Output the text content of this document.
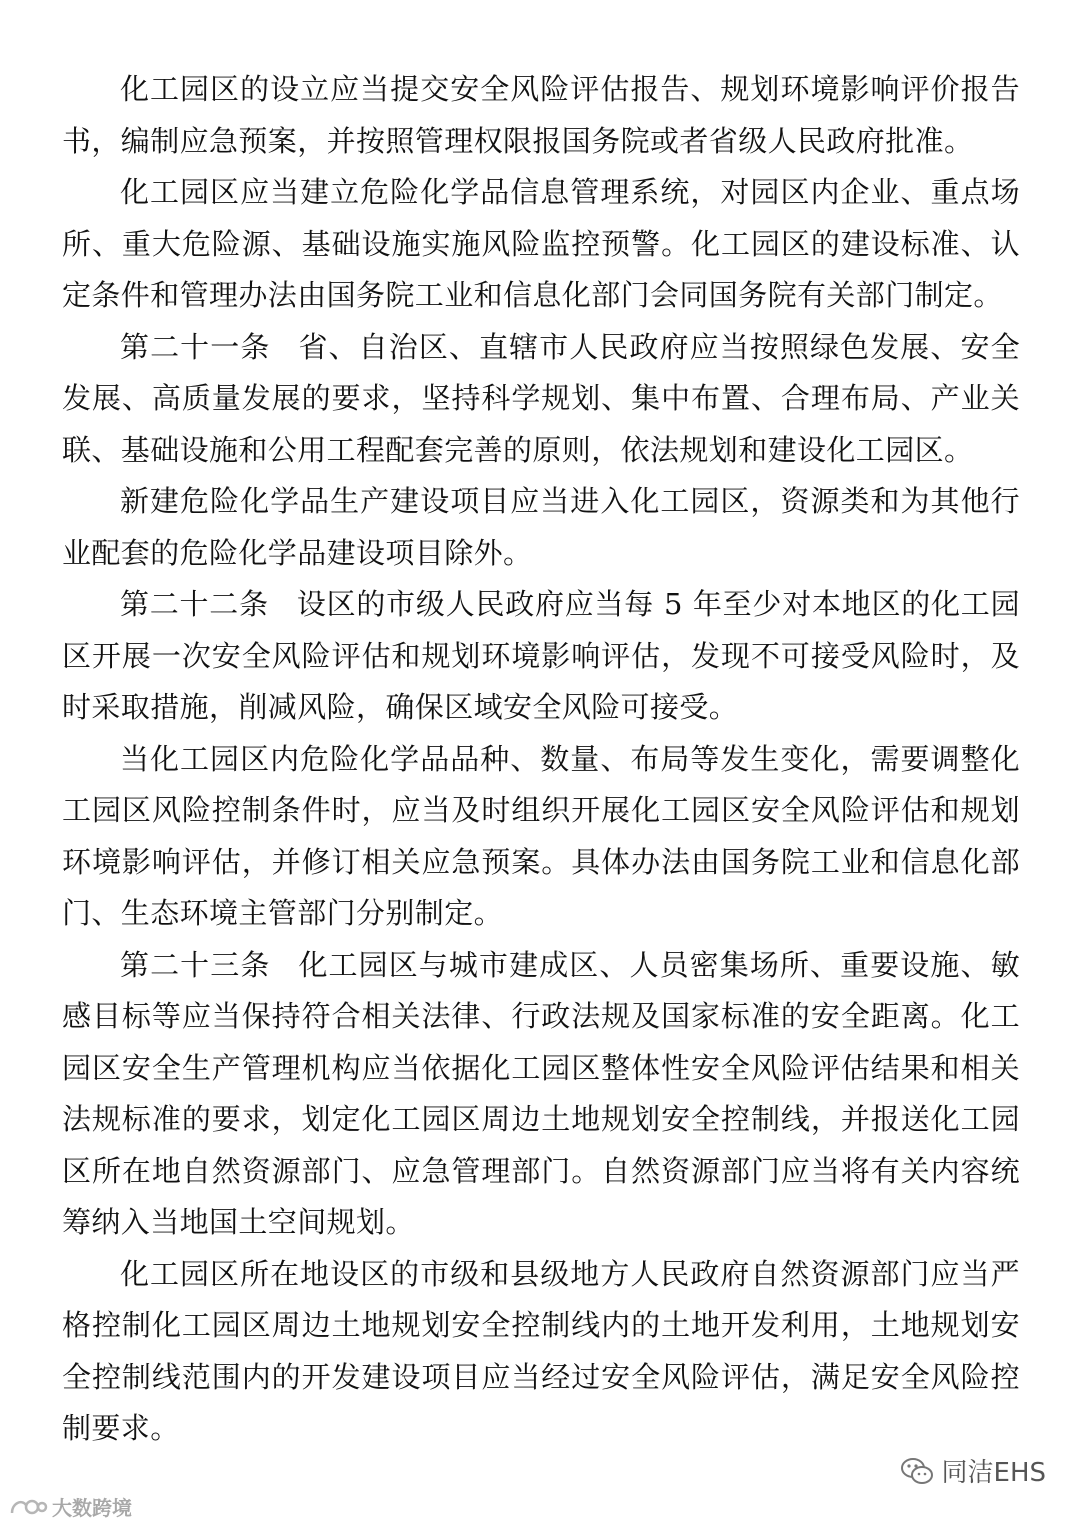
化工园区的设立应当提交安全风险评估报告、规划环境影响评价报告书，编制应急预案，并按照管理权限报国务院或者省级人民政府批准。

化工园区应当建立危险化学品信息管理系统，对园区内企业、重点场所、重大危险源、基础设施实施风险监控预警。化工园区的建设标准、认定条件和管理办法由国务院工业和信息化部门会同国务院有关部门制定。

第二十一条 省、自治区、直辖市人民政府应当按照绿色发展、安全发展、高质量发展的要求，坚持科学规划、集中布置、合理布局、产业关联、基础设施和公用工程配套完善的原则，依法规划和建设化工园区。

新建危险化学品生产建设项目应当进入化工园区，资源类和为其他行业配套的危险化学品建设项目除外。

第二十二条 设区的市级人民政府应当每 5 年至少对本地区的化工园区开展一次安全风险评估和规划环境影响评估，发现不可接受风险时，及时采取措施，削减风险，确保区域安全风险可接受。

当化工园区内危险化学品品种、数量、布局等发生变化，需要调整化工园区风险控制条件时，应当及时组织开展化工园区安全风险评估和规划环境影响评估，并修订相关应急预案。具体办法由国务院工业和信息化部门、生态环境主管部门分别制定。

第二十三条 化工园区与城市建成区、人员密集场所、重要设施、敏感目标等应当保持符合相关法律、行政法规及国家标准的安全距离。化工园区安全生产管理机构应当依据化工园区整体性安全风险评估结果和相关法规标准的要求，划定化工园区周边土地规划安全控制线，并报送化工园区所在地自然资源部门、应急管理部门。自然资源部门应当将有关内容统筹纳入当地国土空间规划。

化工园区所在地设区的市级和县级地方人民政府自然资源部门应当严格控制化工园区周边土地规划安全控制线内的土地开发利用，土地规划安全控制线范围内的开发建设项目应当经过安全风险评估，满足安全风险控制要求。

同洁EHS
大数跨境
